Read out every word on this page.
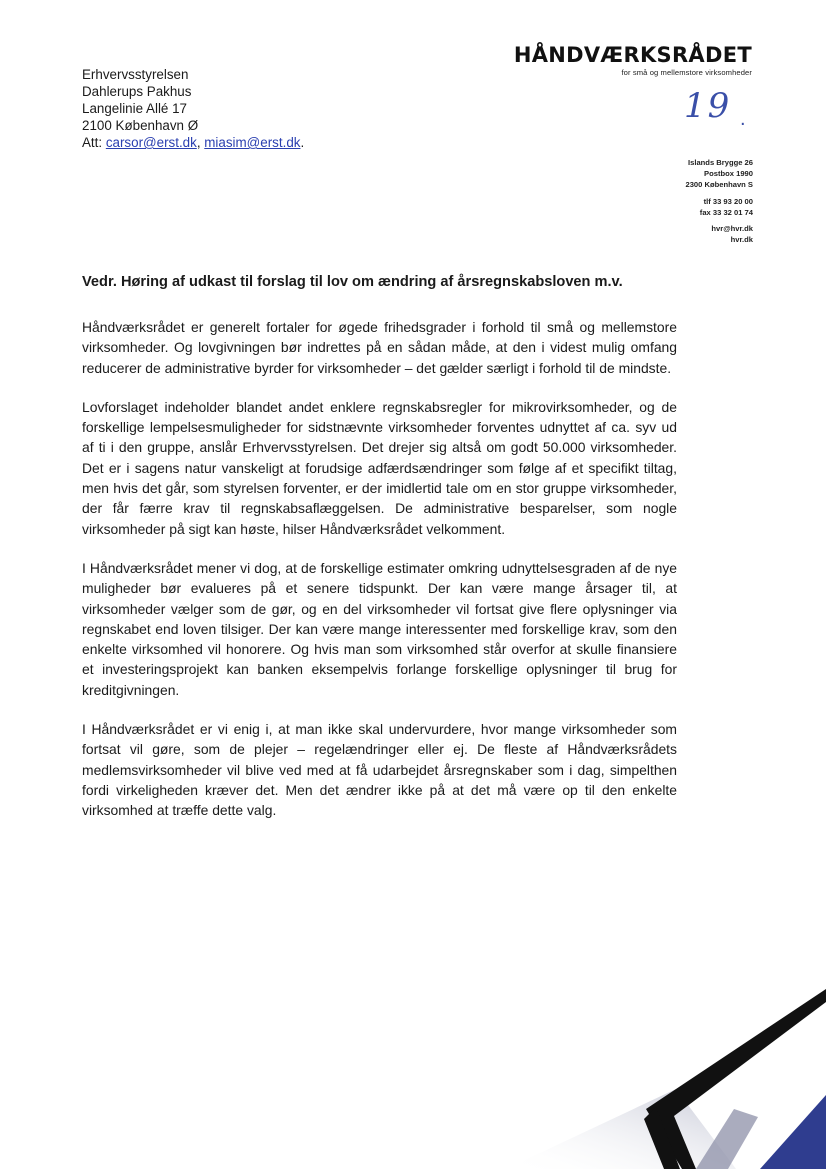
Erhvervsstyrelsen
Dahlerups Pakhus
Langelinie Allé 17
2100 København Ø
Att: carsor@erst.dk, miasim@erst.dk.
HÅNDVÆRKSRÅDET
for små og mellemstore virksomheder
19 .
Islands Brygge 26
Postbox 1990
2300 København S
tlf 33 93 20 00
fax 33 32 01 74
hvr@hvr.dk
hvr.dk
Vedr. Høring af udkast til forslag til lov om ændring af årsregnskabsloven m.v.

Håndværksrådet er generelt fortaler for øgede frihedsgrader i forhold til små og mellemstore virksomheder. Og lovgivningen bør indrettes på en sådan måde, at den i videst mulig omfang reducerer de administrative byrder for virksomheder – det gælder særligt i forhold til de mindste.

Lovforslaget indeholder blandet andet enklere regnskabsregler for mikrovirksomheder, og de forskellige lempelsesmuligheder for sidstnævnte virksomheder forventes udnyttet af ca. syv ud af ti i den gruppe, anslår Erhvervsstyrelsen. Det drejer sig altså om godt 50.000 virksomheder. Det er i sagens natur vanskeligt at forudsige adfærdsændringer som følge af et specifikt tiltag, men hvis det går, som styrelsen forventer, er der imidlertid tale om en stor gruppe virksomheder, der får færre krav til regnskabsaflæggelsen. De administrative besparelser, som nogle virksomheder på sigt kan høste, hilser Håndværksrådet velkomment.

I Håndværksrådet mener vi dog, at de forskellige estimater omkring udnyttelsesgraden af de nye muligheder bør evalueres på et senere tidspunkt. Der kan være mange årsager til, at virksomheder vælger som de gør, og en del virksomheder vil fortsat give flere oplysninger via regnskabet end loven tilsiger. Der kan være mange interessenter med forskellige krav, som den enkelte virksomhed vil honorere. Og hvis man som virksomhed står overfor at skulle finansiere et investeringsprojekt kan banken eksempelvis forlange forskellige oplysninger til brug for kreditgivningen.

I Håndværksrådet er vi enig i, at man ikke skal undervurdere, hvor mange virksomheder som fortsat vil gøre, som de plejer – regelændringer eller ej. De fleste af Håndværksrådets medlemsvirksomheder vil blive ved med at få udarbejdet årsregnskaber som i dag, simpelthen fordi virkeligheden kræver det. Men det ændrer ikke på at det må være op til den enkelte virksomhed at træffe dette valg.
